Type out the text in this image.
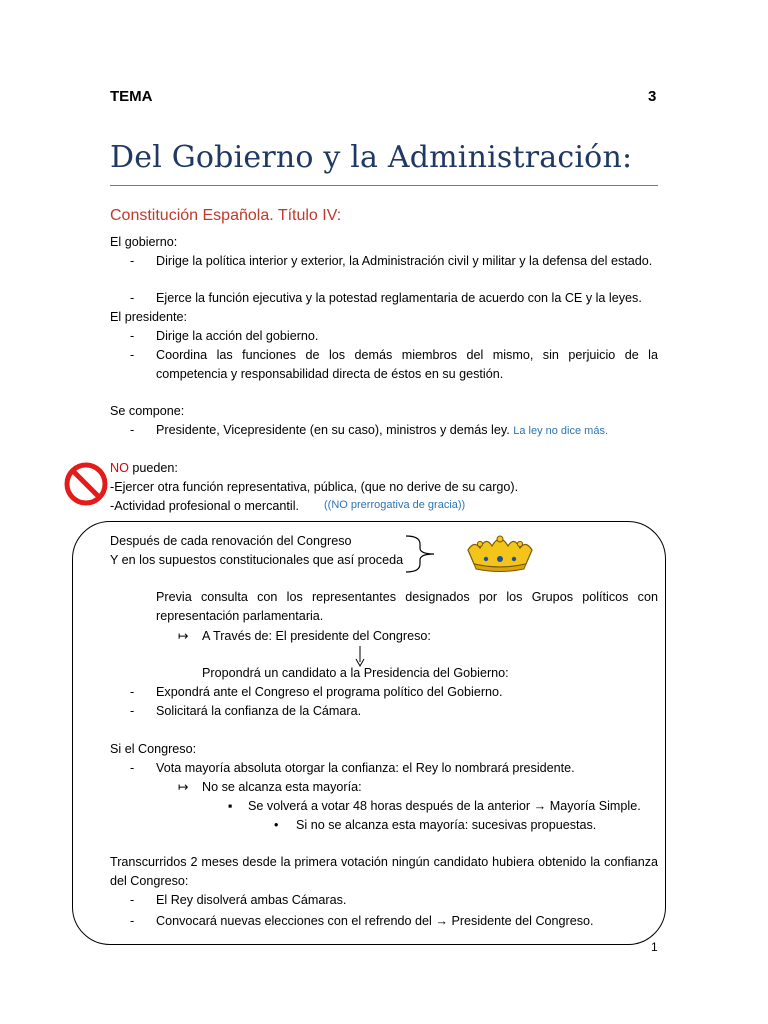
TEMA	3
Del Gobierno y la Administración:
Constitución Española. Título IV:
El gobierno:
- Dirige la política interior y exterior, la Administración civil y militar y la defensa del estado.
- Ejerce la función ejecutiva y la potestad reglamentaria de acuerdo con la CE y la leyes.
El presidente:
- Dirige la acción del gobierno.
- Coordina las funciones de los demás miembros del mismo, sin perjuicio de la competencia y responsabilidad directa de éstos en su gestión.
Se compone:
- Presidente, Vicepresidente (en su caso), ministros y demás ley. La ley no dice más.
NO pueden:
-Ejercer otra función representativa, pública, (que no derive de su cargo).
-Actividad profesional o mercantil. ((NO prerrogativa de gracia))
Después de cada renovación del Congreso
Y en los supuestos constitucionales que así proceda
Previa consulta con los representantes designados por los Grupos políticos con representación parlamentaria.
↦ A Través de: El presidente del Congreso:
Propondrá un candidato a la Presidencia del Gobierno:
- Expondrá ante el Congreso el programa político del Gobierno.
- Solicitará la confianza de la Cámara.
Si el Congreso:
- Vota mayoría absoluta otorgar la confianza: el Rey lo nombrará presidente.
↦ No se alcanza esta mayoría:
▪ Se volverá a votar 48 horas después de la anterior → Mayoría Simple.
• Si no se alcanza esta mayoría: sucesivas propuestas.
Transcurridos 2 meses desde la primera votación ningún candidato hubiera obtenido la confianza del Congreso:
- El Rey disolverá ambas Cámaras.
- Convocará nuevas elecciones con el refrendo del → Presidente del Congreso.
1
